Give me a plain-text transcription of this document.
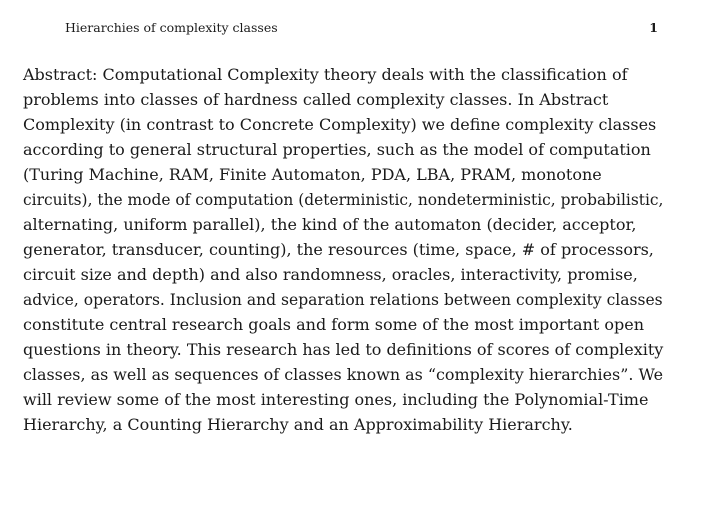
Hierarchies of complexity classes	1
Abstract: Computational Complexity theory deals with the classification of
problems into classes of hardness called complexity classes. In Abstract
Complexity (in contrast to Concrete Complexity) we define complexity classes
according to general structural properties, such as the model of computation
(Turing Machine, RAM, Finite Automaton, PDA, LBA, PRAM, monotone
circuits), the mode of computation (deterministic, nondeterministic, probabilistic,
alternating, uniform parallel), the kind of the automaton (decider, acceptor,
generator, transducer, counting), the resources (time, space, # of processors,
circuit size and depth) and also randomness, oracles, interactivity, promise,
advice, operators. Inclusion and separation relations between complexity classes
constitute central research goals and form some of the most important open
questions in theory. This research has led to definitions of scores of complexity
classes, as well as sequences of classes known as “complexity hierarchies”. We
will review some of the most interesting ones, including the Polynomial-Time
Hierarchy, a Counting Hierarchy and an Approximability Hierarchy.
